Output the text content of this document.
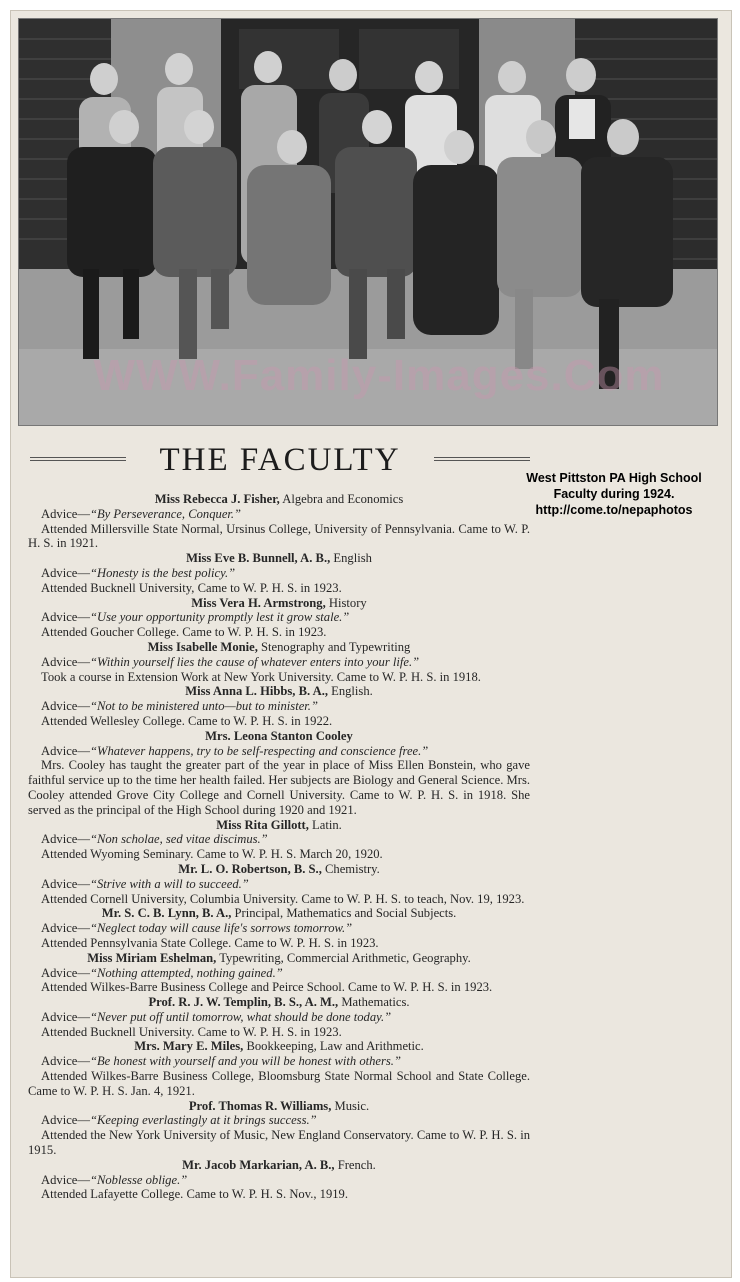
WWW.Family-Images.Com
THE FACULTY	West Pittston PA High School
Faculty during 1924.
http://come.to/nepaphotos
Miss Rebecca J. Fisher, Algebra and Economics
Advice—“By Perseverance, Conquer.”
Attended Millersville State Normal, Ursinus College, University of Pennsylvania. Came to W. P. H. S. in 1921.
Miss Eve B. Bunnell, A. B., English
Advice—“Honesty is the best policy.”
Attended Bucknell University, Came to W. P. H. S. in 1923.
Miss Vera H. Armstrong, History
Advice—“Use your opportunity promptly lest it grow stale.”
Attended Goucher College. Came to W. P. H. S. in 1923.
Miss Isabelle Monie, Stenography and Typewriting
Advice—“Within yourself lies the cause of whatever enters into your life.”
Took a course in Extension Work at New York University. Came to W. P. H. S. in 1918.
Miss Anna L. Hibbs, B. A., English.
Advice—“Not to be ministered unto—but to minister.”
Attended Wellesley College. Came to W. P. H. S. in 1922.
Mrs. Leona Stanton Cooley
Advice—“Whatever happens, try to be self-respecting and conscience free.”
Mrs. Cooley has taught the greater part of the year in place of Miss Ellen Bonstein, who gave faithful service up to the time her health failed. Her subjects are Biology and General Science. Mrs. Cooley attended Grove City College and Cornell University. Came to W. P. H. S. in 1918. She served as the principal of the High School during 1920 and 1921.
Miss Rita Gillott, Latin.
Advice—“Non scholae, sed vitae discimus.”
Attended Wyoming Seminary. Came to W. P. H. S. March 20, 1920.
Mr. L. O. Robertson, B. S., Chemistry.
Advice—“Strive with a will to succeed.”
Attended Cornell University, Columbia University. Came to W. P. H. S. to teach, Nov. 19, 1923.
Mr. S. C. B. Lynn, B. A., Principal, Mathematics and Social Subjects.
Advice—“Neglect today will cause life's sorrows tomorrow.”
Attended Pennsylvania State College. Came to W. P. H. S. in 1923.
Miss Miriam Eshelman, Typewriting, Commercial Arithmetic, Geography.
Advice—“Nothing attempted, nothing gained.”
Attended Wilkes-Barre Business College and Peirce School. Came to W. P. H. S. in 1923.
Prof. R. J. W. Templin, B. S., A. M., Mathematics.
Advice—“Never put off until tomorrow, what should be done today.”
Attended Bucknell University. Came to W. P. H. S. in 1923.
Mrs. Mary E. Miles, Bookkeeping, Law and Arithmetic.
Advice—“Be honest with yourself and you will be honest with others.”
Attended Wilkes-Barre Business College, Bloomsburg State Normal School and State College. Came to W. P. H. S. Jan. 4, 1921.
Prof. Thomas R. Williams, Music.
Advice—“Keeping everlastingly at it brings success.”
Attended the New York University of Music, New England Conservatory. Came to W. P. H. S. in 1915.
Mr. Jacob Markarian, A. B., French.
Advice—“Noblesse oblige.”
Attended Lafayette College. Came to W. P. H. S. Nov., 1919.
